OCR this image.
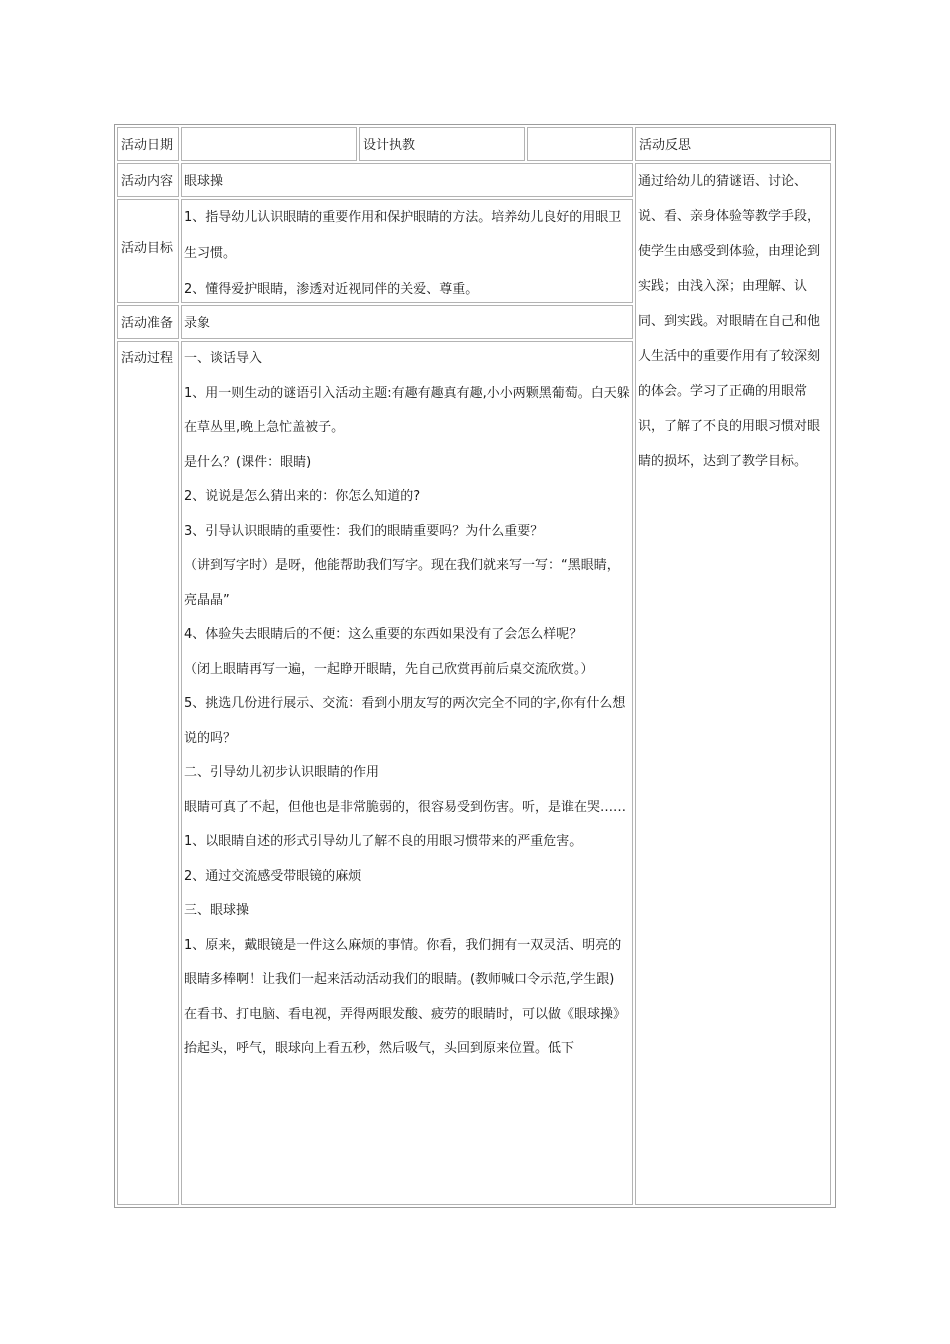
活动日期	设计执教	活动反思
活动内容 眼球操
活动目标

1、指导幼儿认识眼睛的重要作用和保护眼睛的方法。培养幼儿良好的用眼卫生习惯。

2、懂得爱护眼睛，渗透对近视同伴的关爱、尊重。

活动准备 录象
活动过程 一、谈话导入

1、用一则生动的谜语引入活动主题:有趣有趣真有趣,小小两颗黑葡萄。白天躲在草丛里,晚上急忙盖被子。

是什么？(课件：眼睛)

2、说说是怎么猜出来的：你怎么知道的?

3、引导认识眼睛的重要性：我们的眼睛重要吗？为什么重要？

（讲到写字时）是呀，他能帮助我们写字。现在我们就来写一写：“黑眼睛，亮晶晶”

4、体验失去眼睛后的不便：这么重要的东西如果没有了会怎么样呢？

（闭上眼睛再写一遍，一起睁开眼睛，先自己欣赏再前后桌交流欣赏。）

5、挑选几份进行展示、交流：看到小朋友写的两次完全不同的字,你有什么想说的吗？

二、引导幼儿初步认识眼睛的作用

眼睛可真了不起，但他也是非常脆弱的，很容易受到伤害。听，是谁在哭……

1、以眼睛自述的形式引导幼儿了解不良的用眼习惯带来的严重危害。

2、通过交流感受带眼镜的麻烦

三、眼球操

1、原来，戴眼镜是一件这么麻烦的事情。你看，我们拥有一双灵活、明亮的眼睛多棒啊！让我们一起来活动活动我们的眼睛。(教师喊口令示范,学生跟)

在看书、打电脑、看电视，弄得两眼发酸、疲劳的眼睛时，可以做《眼球操》

抬起头，呼气，眼球向上看五秒，然后吸气，头回到原来位置。低下

通过给幼儿的猜谜语、讨论、说、看、亲身体验等教学手段，使学生由感受到体验，由理论到实践；由浅入深；由理解、认同、到实践。对眼睛在自己和他人生活中的重要作用有了较深刻的体会。学习了正确的用眼常识，了解了不良的用眼习惯对眼睛的损坏，达到了教学目标。
